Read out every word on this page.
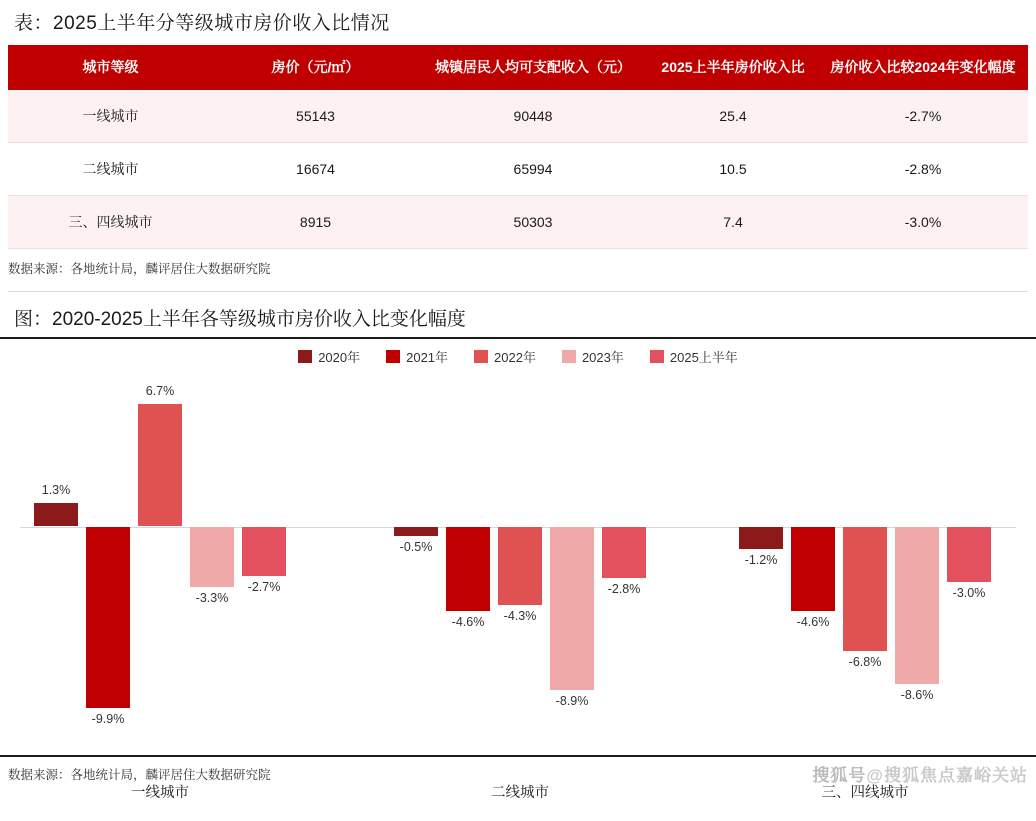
表：2025上半年分等级城市房价收入比情况
城市等级	房价（元/㎡）	城镇居民人均可支配收入（元）	2025上半年房价收入比	房价收入比较2024年变化幅度
一线城市	55143	90448	25.4	-2.7%
二线城市	16674	65994	10.5	-2.8%
三、四线城市	8915	50303	7.4	-3.0%
数据来源：各地统计局，麟评居住大数据研究院
图：2020-2025上半年各等级城市房价收入比变化幅度
2020年	2021年	2022年	2023年	2025上半年
1.3%
-9.9%
6.7%
-3.3%
-2.7%
一线城市
-0.5%
-4.6%	-4.3%
-8.9%
-2.8%
二线城市
-1.2%
-4.6%
-6.8%
-8.6%
-3.0%
三、四线城市
数据来源：各地统计局，麟评居住大数据研究院	搜狐号@搜狐焦点嘉峪关站
